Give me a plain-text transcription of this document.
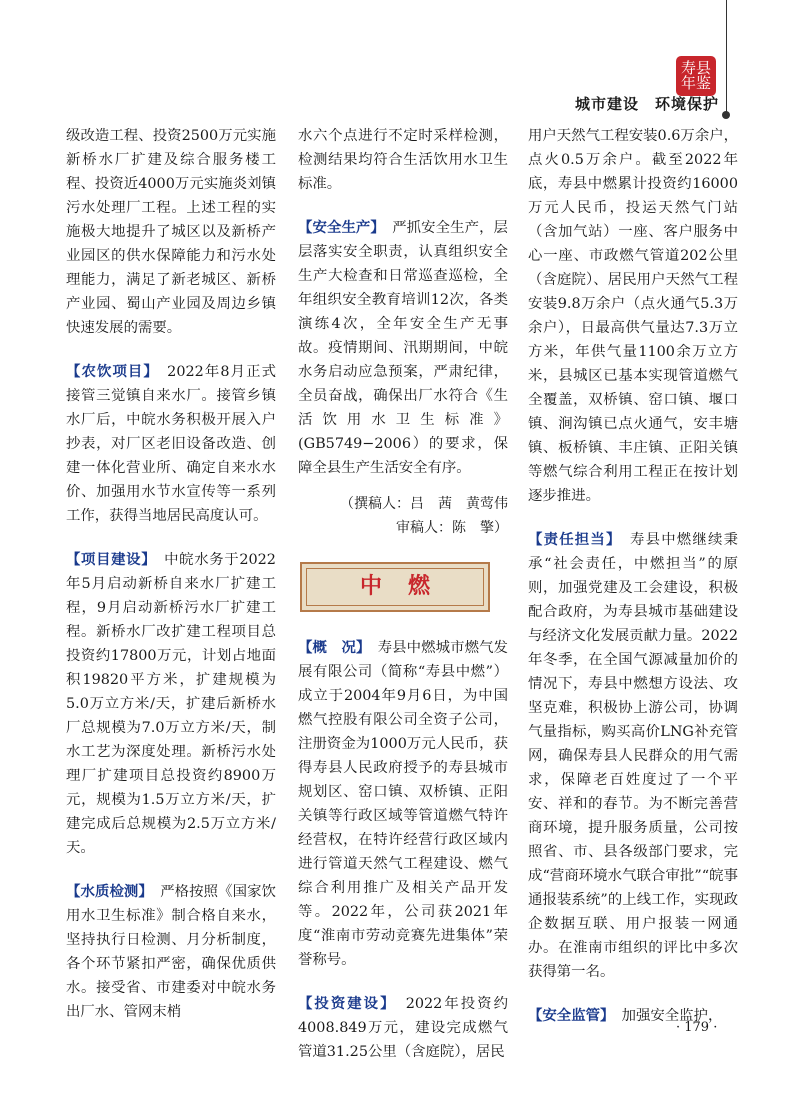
寿县年鉴
城市建设　环境保护

级改造工程、投资2500万元实施新桥水厂扩建及综合服务楼工程、投资近4000万元实施炎刘镇污水处理厂工程。上述工程的实施极大地提升了城区以及新桥产业园区的供水保障能力和污水处理能力，满足了新老城区、新桥产业园、蜀山产业园及周边乡镇快速发展的需要。

【农饮项目】　 2022年8月正式接管三觉镇自来水厂。接管乡镇水厂后，中皖水务积极开展入户抄表，对厂区老旧设备改造、创建一体化营业所、确定自来水水价、加强用水节水宣传等一系列工作，获得当地居民高度认可。

【项目建设】　 中皖水务于2022年5月启动新桥自来水厂扩建工程，9月启动新桥污水厂扩建工程。新桥水厂改扩建工程项目总投资约17800万元，计划占地面积19820平方米，扩建规模为5.0万立方米/天，扩建后新桥水厂总规模为7.0万立方米/天，制水工艺为深度处理。新桥污水处理厂扩建项目总投资约8900万元，规模为1.5万立方米/天，扩建完成后总规模为2.5万立方米/天。

【水质检测】　 严格按照《国家饮用水卫生标准》制合格自来水，坚持执行日检测、月分析制度，各个环节紧扣严密，确保优质供水。接受省、市建委对中皖水务出厂水、管网末梢

水六个点进行不定时采样检测，检测结果均符合生活饮用水卫生标准。

【安全生产】　 严抓安全生产，层层落实安全职责，认真组织安全生产大检查和日常巡查巡检，全年组织安全教育培训12次，各类演练4次，全年安全生产无事故。疫情期间、汛期期间，中皖水务启动应急预案，严肃纪律，全员奋战，确保出厂水符合《生活饮用水卫生标准》(GB5749−2006）的要求，保障全县生产生活安全有序。

（撰稿人：吕　茜　黄莺伟
审稿人：陈　擎）
中燃

【概　况】　 寿县中燃城市燃气发展有限公司（简称“寿县中燃”）成立于2004年9月6日，为中国燃气控股有限公司全资子公司，注册资金为1000万元人民币，获得寿县人民政府授予的寿县城市规划区、窑口镇、双桥镇、正阳关镇等行政区域等管道燃气特许经营权，在特许经营行政区域内进行管道天然气工程建设、燃气综合利用推广及相关产品开发等。2022年，公司获2021年度“淮南市劳动竞赛先进集体”荣誉称号。

【投资建设】　 2022年投资约4008.849万元，建设完成燃气管道31.25公里（含庭院），居民

用户天然气工程安装0.6万余户，点火0.5万余户。截至2022年底，寿县中燃累计投资约16000万元人民币，投运天然气门站（含加气站）一座、客户服务中心一座、市政燃气管道202公里（含庭院）、居民用户天然气工程安装9.8万余户（点火通气5.3万余户），日最高供气量达7.3万立方米，年供气量1100余万立方米，县城区已基本实现管道燃气全覆盖，双桥镇、窑口镇、堰口镇、涧沟镇已点火通气，安丰塘镇、板桥镇、丰庄镇、正阳关镇等燃气综合利用工程正在按计划逐步推进。

【责任担当】　 寿县中燃继续秉承“社会责任，中燃担当”的原则，加强党建及工会建设，积极配合政府，为寿县城市基础建设与经济文化发展贡献力量。2022年冬季，在全国气源减量加价的情况下，寿县中燃想方设法、攻坚克难，积极协上游公司，协调气量指标，购买高价LNG补充管网，确保寿县人民群众的用气需求，保障老百姓度过了一个平安、祥和的春节。为不断完善营商环境，提升服务质量，公司按照省、市、县各级部门要求，完成“营商环境水气联合审批”“皖事通报装系统”的上线工作，实现政企数据互联、用户报装一网通办。在淮南市组织的评比中多次获得第一名。

【安全监管】　 加强安全监护，

· 179 ·
